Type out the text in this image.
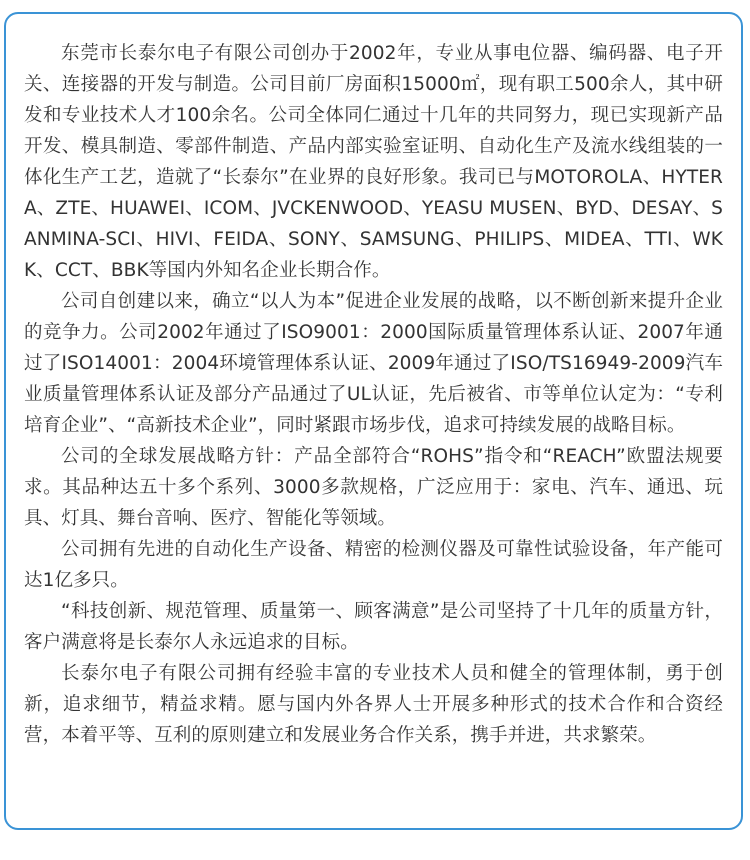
东莞市长泰尔电子有限公司创办于2002年，专业从事电位器、编码器、电子开关、连接器的开发与制造。公司目前厂房面积15000㎡，现有职工500余人，其中研发和专业技术人才100余名。公司全体同仁通过十几年的共同努力，现已实现新产品开发、模具制造、零部件制造、产品内部实验室证明、自动化生产及流水线组装的一体化生产工艺，造就了“长泰尔”在业界的良好形象。我司已与MOTOROLA、HYTERA、ZTE、HUAWEI、ICOM、JVCKENWOOD、YEASU MUSEN、BYD、DESAY、SANMINA-SCI、HIVI、FEIDA、SONY、SAMSUNG、PHILIPS、MIDEA、TTI、WKK、CCT、BBK等国内外知名企业长期合作。

公司自创建以来，确立“以人为本”促进企业发展的战略，以不断创新来提升企业的竞争力。公司2002年通过了ISO9001：2000国际质量管理体系认证、2007年通过了ISO14001：2004环境管理体系认证、2009年通过了ISO/TS16949-2009汽车业质量管理体系认证及部分产品通过了UL认证，先后被省、市等单位认定为：“专利培育企业”、“高新技术企业”，同时紧跟市场步伐，追求可持续发展的战略目标。

公司的全球发展战略方针：产品全部符合“ROHS”指令和“REACH”欧盟法规要求。其品种达五十多个系列、3000多款规格，广泛应用于：家电、汽车、通迅、玩具、灯具、舞台音响、医疗、智能化等领域。

公司拥有先进的自动化生产设备、精密的检测仪器及可靠性试验设备，年产能可达1亿多只。

“科技创新、规范管理、质量第一、顾客满意”是公司坚持了十几年的质量方针，客户满意将是长泰尔人永远追求的目标。

长泰尔电子有限公司拥有经验丰富的专业技术人员和健全的管理体制，勇于创新，追求细节，精益求精。愿与国内外各界人士开展多种形式的技术合作和合资经营，本着平等、互利的原则建立和发展业务合作关系，携手并进，共求繁荣。
